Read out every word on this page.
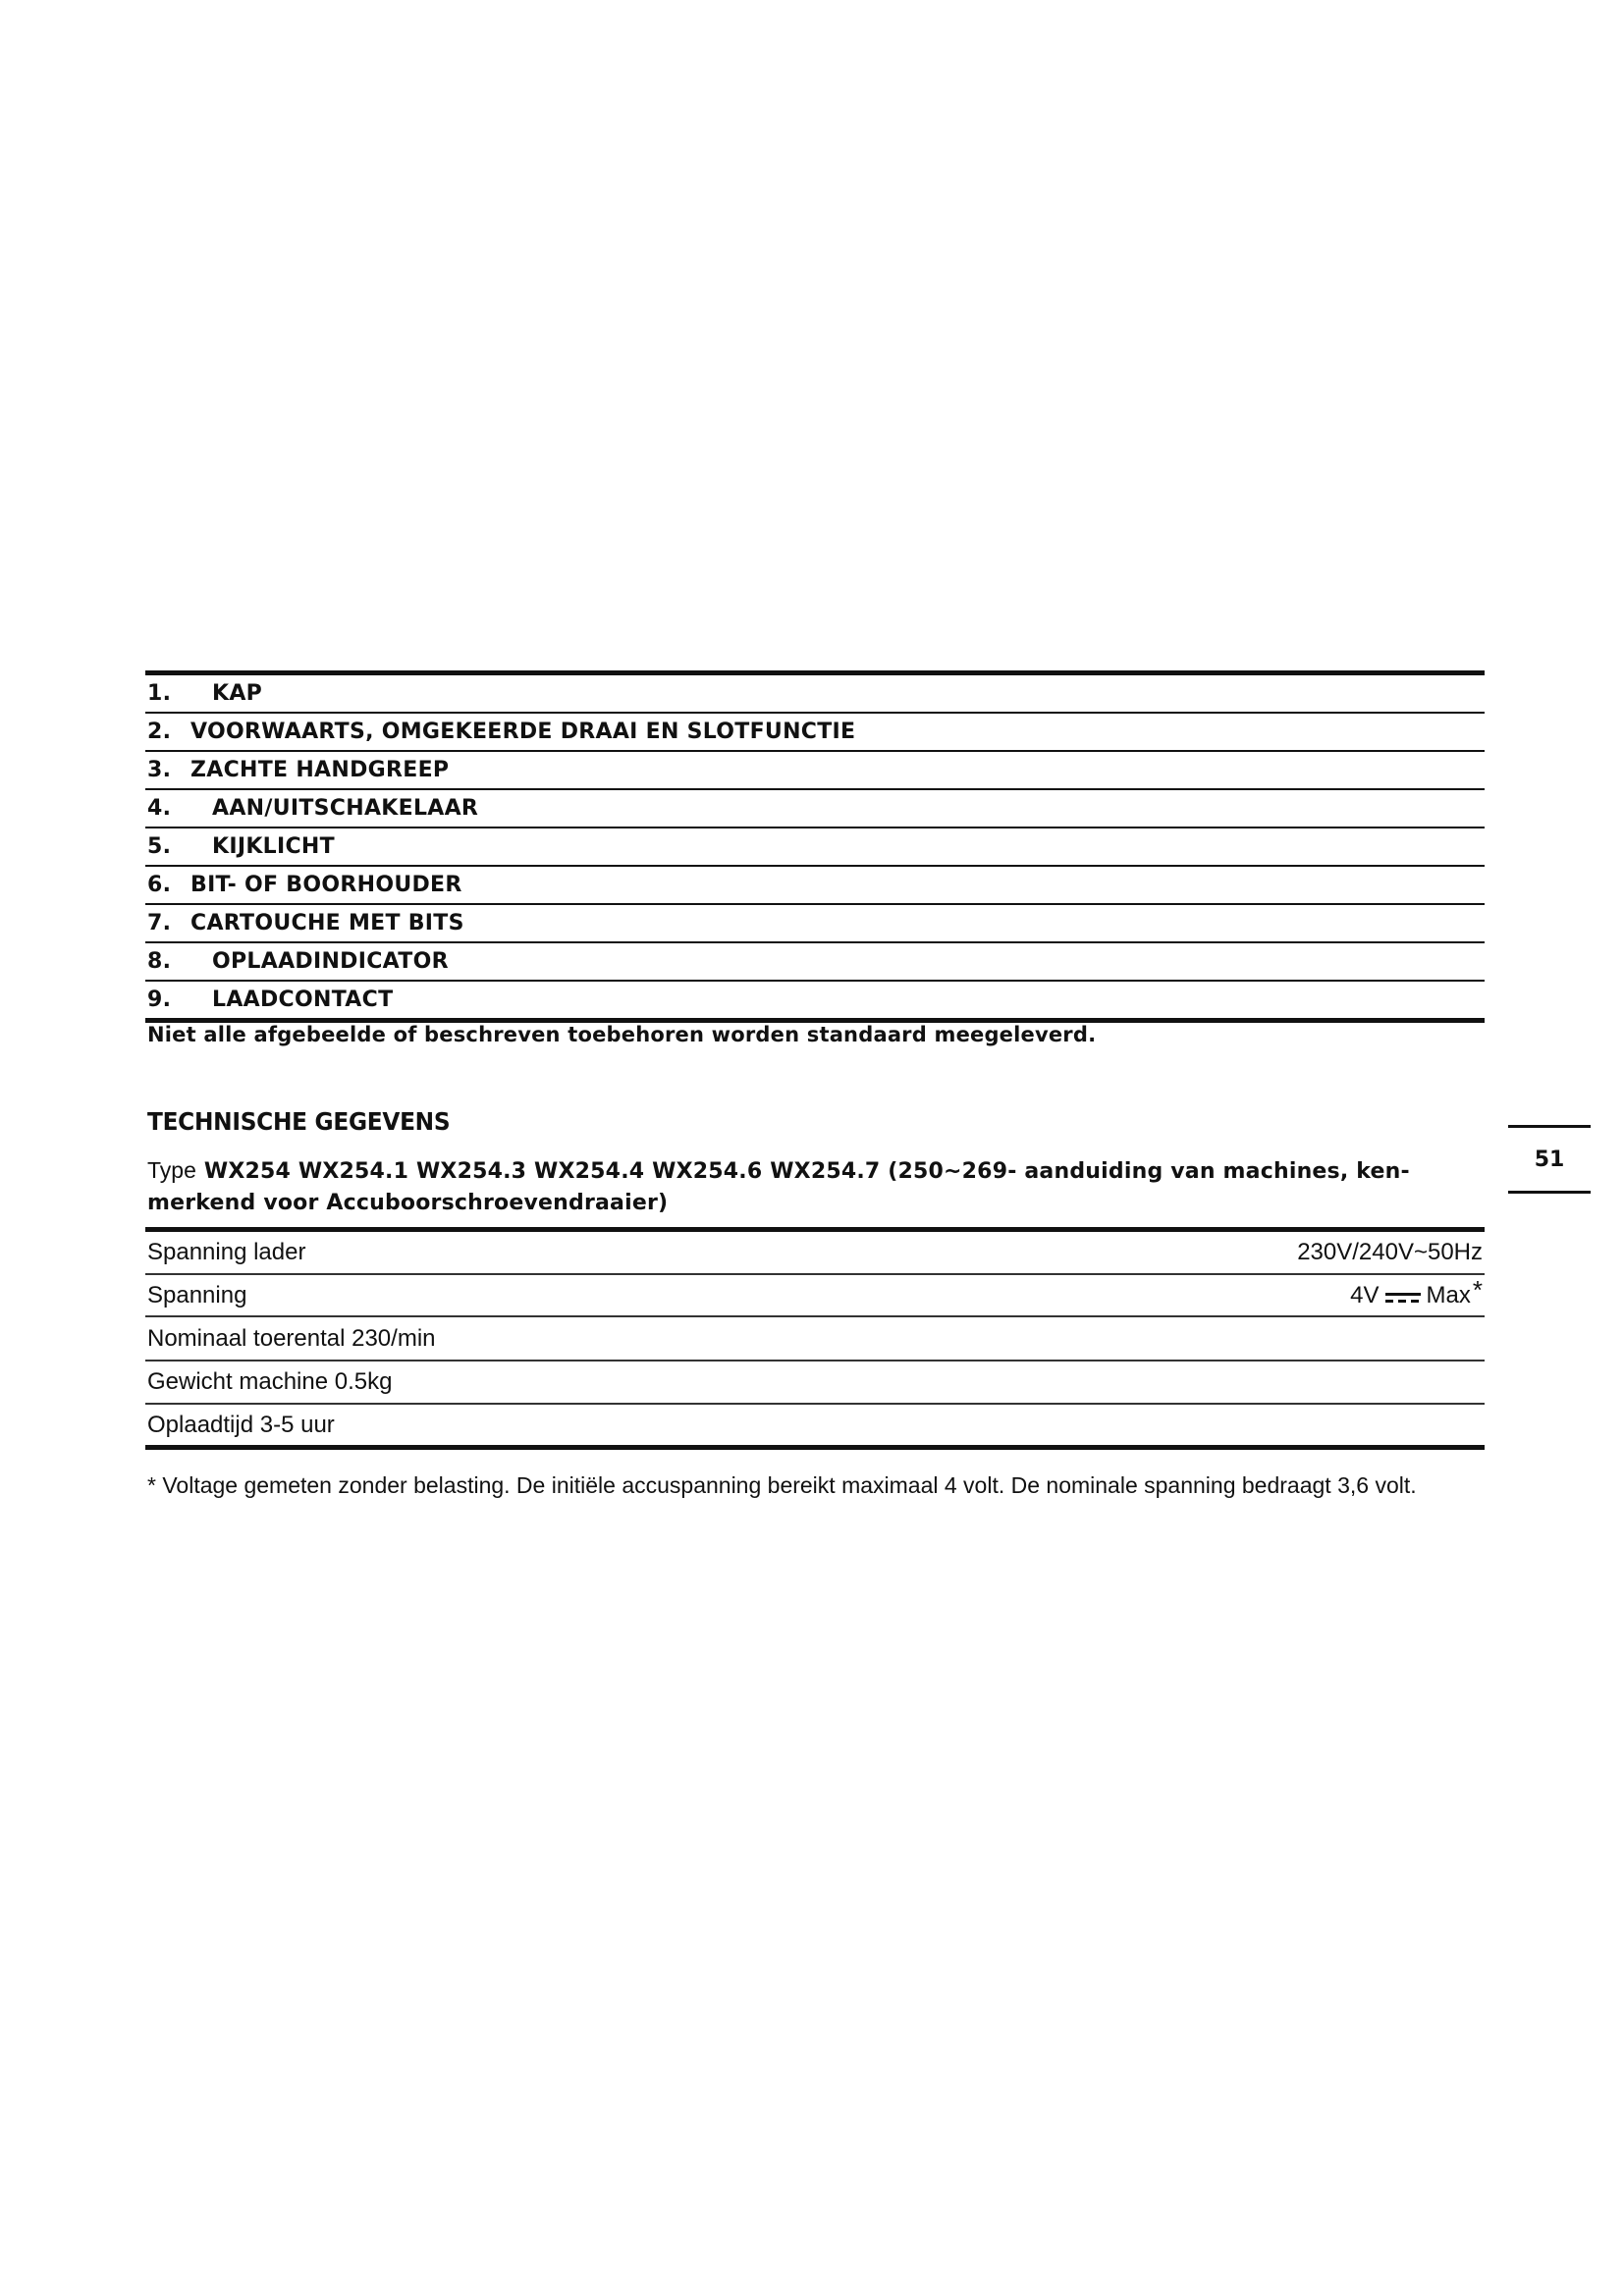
1.	KAP
2. VOORWAARTS, OMGEKEERDE DRAAI EN SLOTFUNCTIE
3. ZACHTE HANDGREEP
4.	AAN/UITSCHAKELAAR
5.	KIJKLICHT
6. BIT- OF BOORHOUDER
7. CARTOUCHE MET BITS
8.	OPLAADINDICATOR
9.	LAADCONTACT
Niet alle afgebeelde of beschreven toebehoren worden standaard meegeleverd.
TECHNISCHE GEGEVENS
Type WX254 WX254.1 WX254.3 WX254.4 WX254.6 WX254.7 (250~269- aanduiding van machines, ken-
merkend voor Accuboorschroevendraaier)
Spanning lader	230V/240V~50Hz
Spanning	4V Max *
Nominaal toerental 230/min
Gewicht machine 0.5kg
Oplaadtijd 3-5 uur
* Voltage gemeten zonder belasting. De initiële accuspanning bereikt maximaal 4 volt. De nominale spanning bedraagt 3,6 volt.
51
